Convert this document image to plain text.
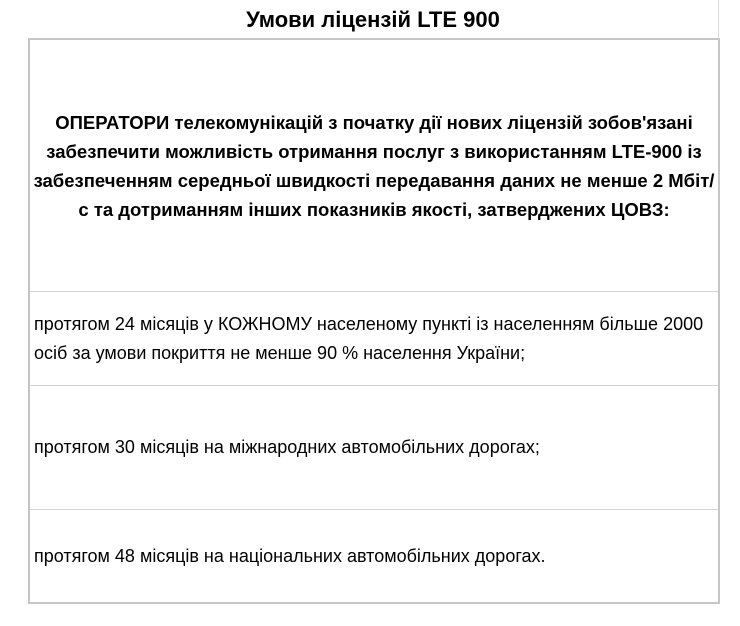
Умови ліцензій LTE 900
ОПЕРАТОРИ телекомунікацій з початку дії нових ліцензій зобов'язані забезпечити можливість отримання послуг з використанням LTE-900 із забезпеченням середньої швидкості передавання даних не менше 2 Мбіт/с та дотриманням інших показників якості, затверджених ЦОВЗ:
протягом 24 місяців у КОЖНОМУ населеному пункті із населенням більше 2000 осіб за умови покриття не менше 90 % населення України;
протягом 30 місяців на міжнародних автомобільних дорогах;
протягом 48 місяців на національних автомобільних дорогах.
